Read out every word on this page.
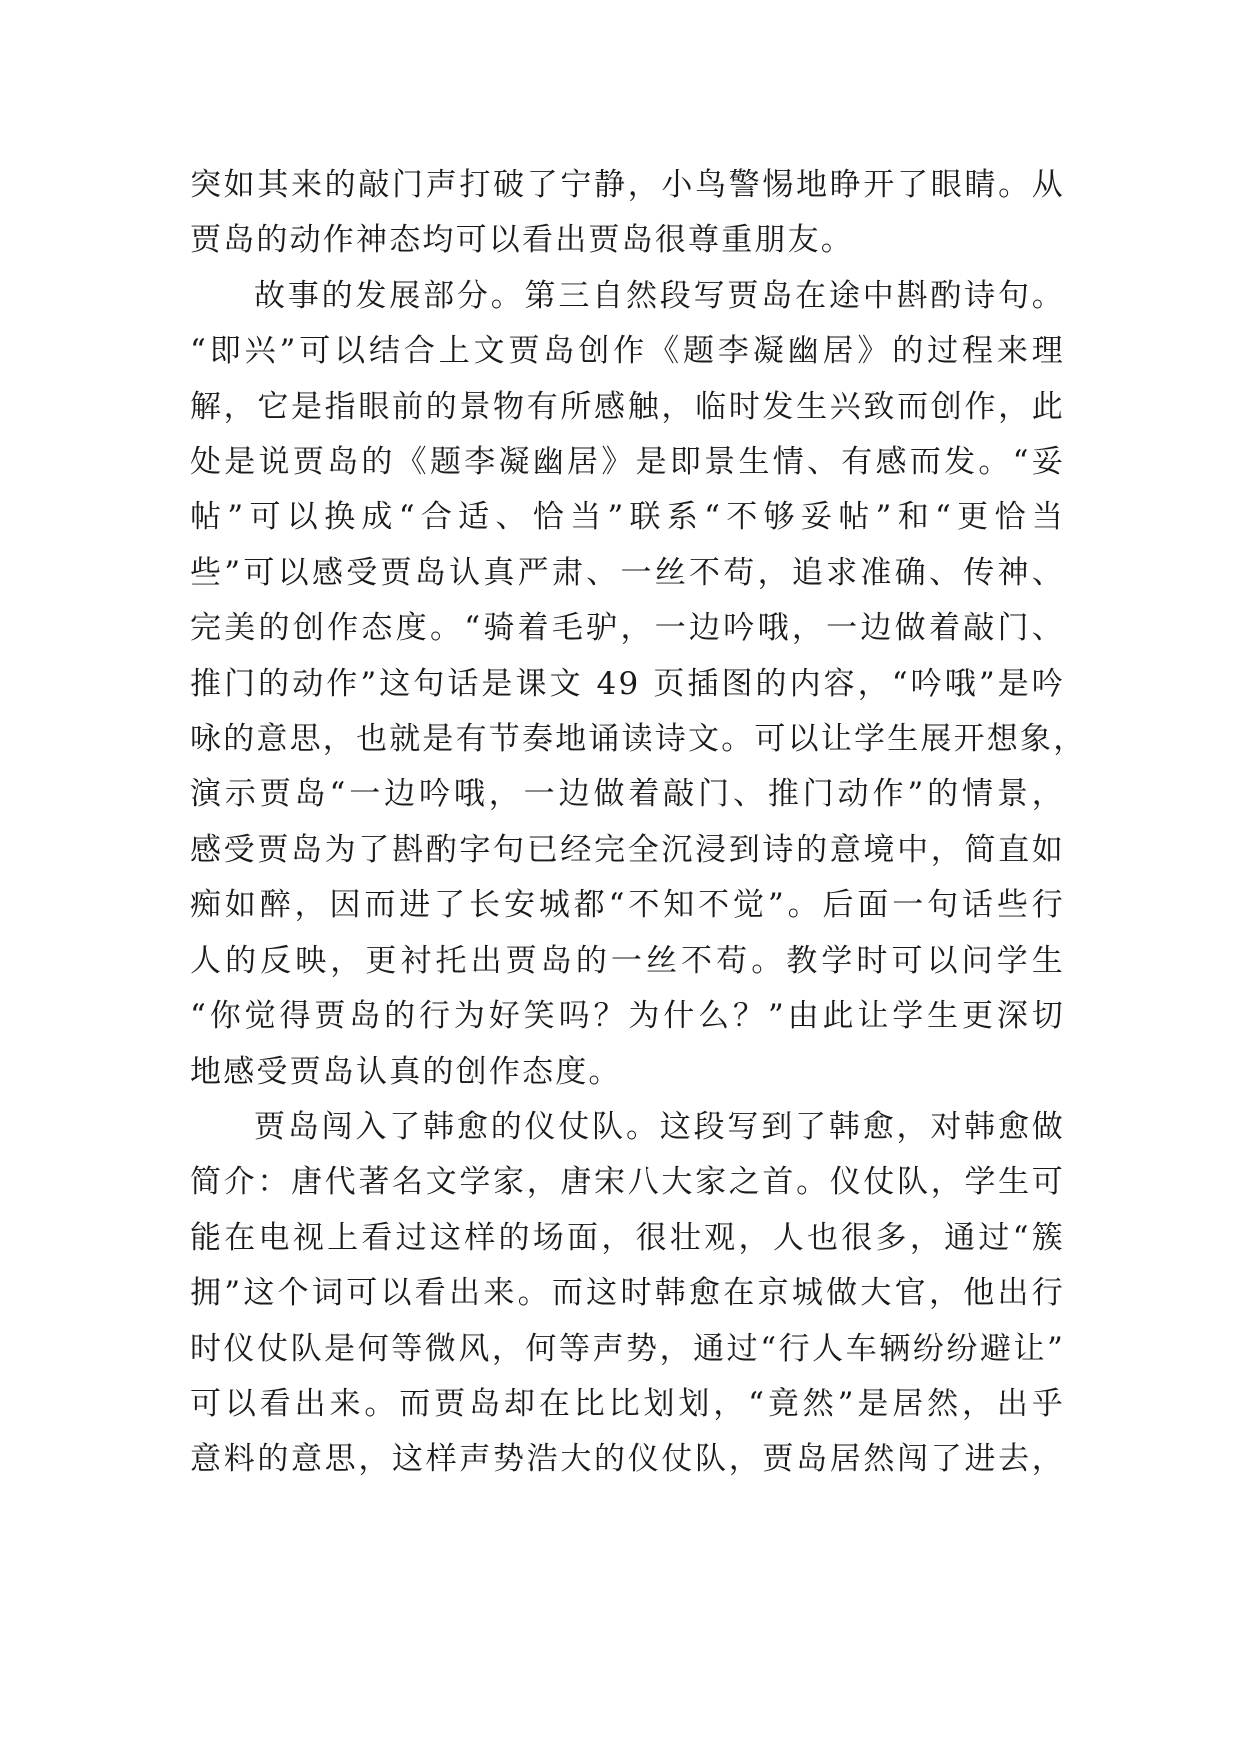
突如其来的敲门声打破了宁静，小鸟警惕地睁开了眼睛。从
贾岛的动作神态均可以看出贾岛很尊重朋友。
故事的发展部分。第三自然段写贾岛在途中斟酌诗句。
“即兴”可以结合上文贾岛创作《题李凝幽居》的过程来理
解，它是指眼前的景物有所感触，临时发生兴致而创作，此
处是说贾岛的《题李凝幽居》是即景生情、有感而发。“妥
帖”可以换成“合适、恰当”联系“不够妥帖”和“更恰当
些”可以感受贾岛认真严肃、一丝不苟，追求准确、传神、
完美的创作态度。“骑着毛驴，一边吟哦，一边做着敲门、
推门的动作”这句话是课文 49 页插图的内容，“吟哦”是吟
咏的意思，也就是有节奏地诵读诗文。可以让学生展开想象，
演示贾岛“一边吟哦，一边做着敲门、推门动作”的情景，
感受贾岛为了斟酌字句已经完全沉浸到诗的意境中，简直如
痴如醉，因而进了长安城都“不知不觉”。后面一句话些行
人的反映，更衬托出贾岛的一丝不苟。教学时可以问学生
“你觉得贾岛的行为好笑吗？为什么？”由此让学生更深切
地感受贾岛认真的创作态度。
贾岛闯入了韩愈的仪仗队。这段写到了韩愈，对韩愈做
简介：唐代著名文学家，唐宋八大家之首。仪仗队，学生可
能在电视上看过这样的场面，很壮观，人也很多，通过“簇
拥”这个词可以看出来。而这时韩愈在京城做大官，他出行
时仪仗队是何等微风，何等声势，通过“行人车辆纷纷避让”
可以看出来。而贾岛却在比比划划，“竟然”是居然，出乎
意料的意思，这样声势浩大的仪仗队，贾岛居然闯了进去，
